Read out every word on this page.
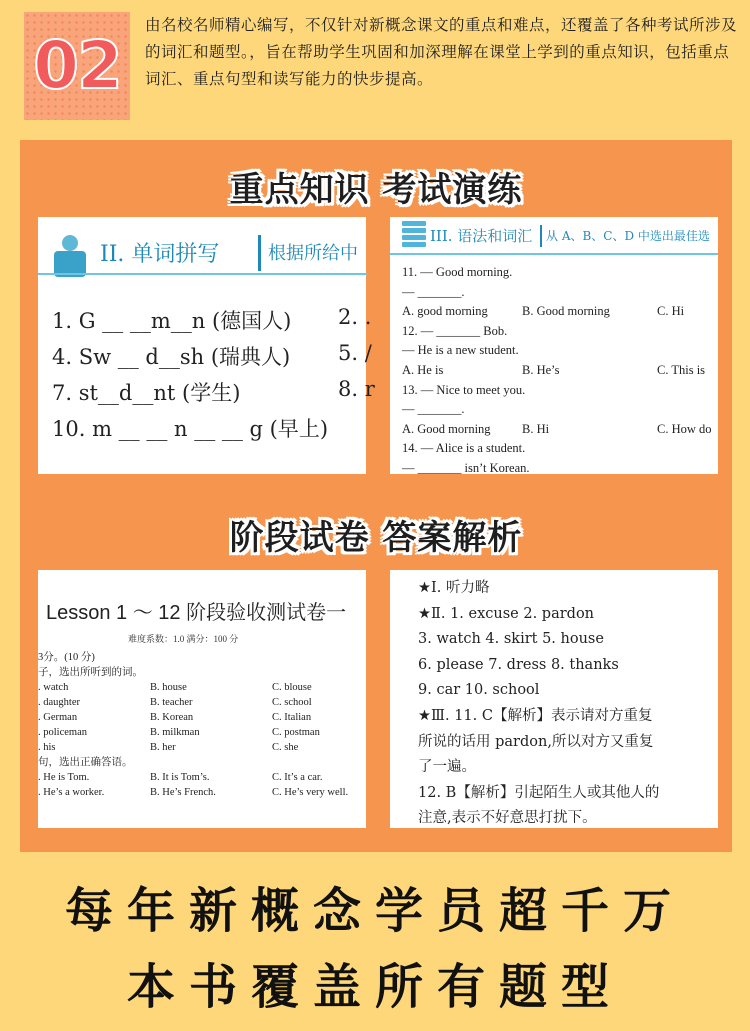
02
由名校名师精心编写，不仅针对新概念课文的重点和难点，还覆盖了各种考试所涉及的词汇和题型。，旨在帮助学生巩固和加深理解在课堂上学到的重点知识，包括重点词汇、重点句型和读写能力的快步提高。
重点知识 考试演练
II. 单词拼写	根据所给中
1. G __ __m__n (德国人) 2. .
4. Sw __ d__sh (瑞典人) 5. /
7. st__d__nt (学生)	8. r
10. m __ __ n __ __ g (早上)
III. 语法和词汇 从 A、B、C、D 中选出最佳选
11. — Good morning.
— _______.
A. good morning	B. Good morning	C. Hi
12. — _______ Bob.
— He is a new student.
A. He is	B. He’s	C. This is
13. — Nice to meet you.
— _______.
A. Good morning	B. Hi	C. How do
14. — Alice is a student.
— _______ isn’t Korean.
阶段试卷 答案解析
Lesson 1 ～ 12 阶段验收测试卷一
难度系数：1.0 满分：100 分
3分。(10 分)
子，选出所听到的词。
. watch	B. house	C. blouse
. daughter	B. teacher	C. school
. German	B. Korean	C. Italian
. policeman	B. milkman	C. postman
. his	B. her	C. she
句，选出正确答语。
. He is Tom.	B. It is Tom’s.	C. It’s a car.
. He’s a worker.	B. He’s French.	C. He’s very well.
★Ⅰ. 听力略
★Ⅱ. 1. excuse 2. pardon
3. watch 4. skirt 5. house
6. please 7. dress 8. thanks
9. car 10. school
★Ⅲ. 11. C【解析】表示请对方重复
所说的话用 pardon,所以对方又重复
了一遍。
12. B【解析】引起陌生人或其他人的
注意,表示不好意思打扰下。
每年新概念学员超千万
本书覆盖所有题型
